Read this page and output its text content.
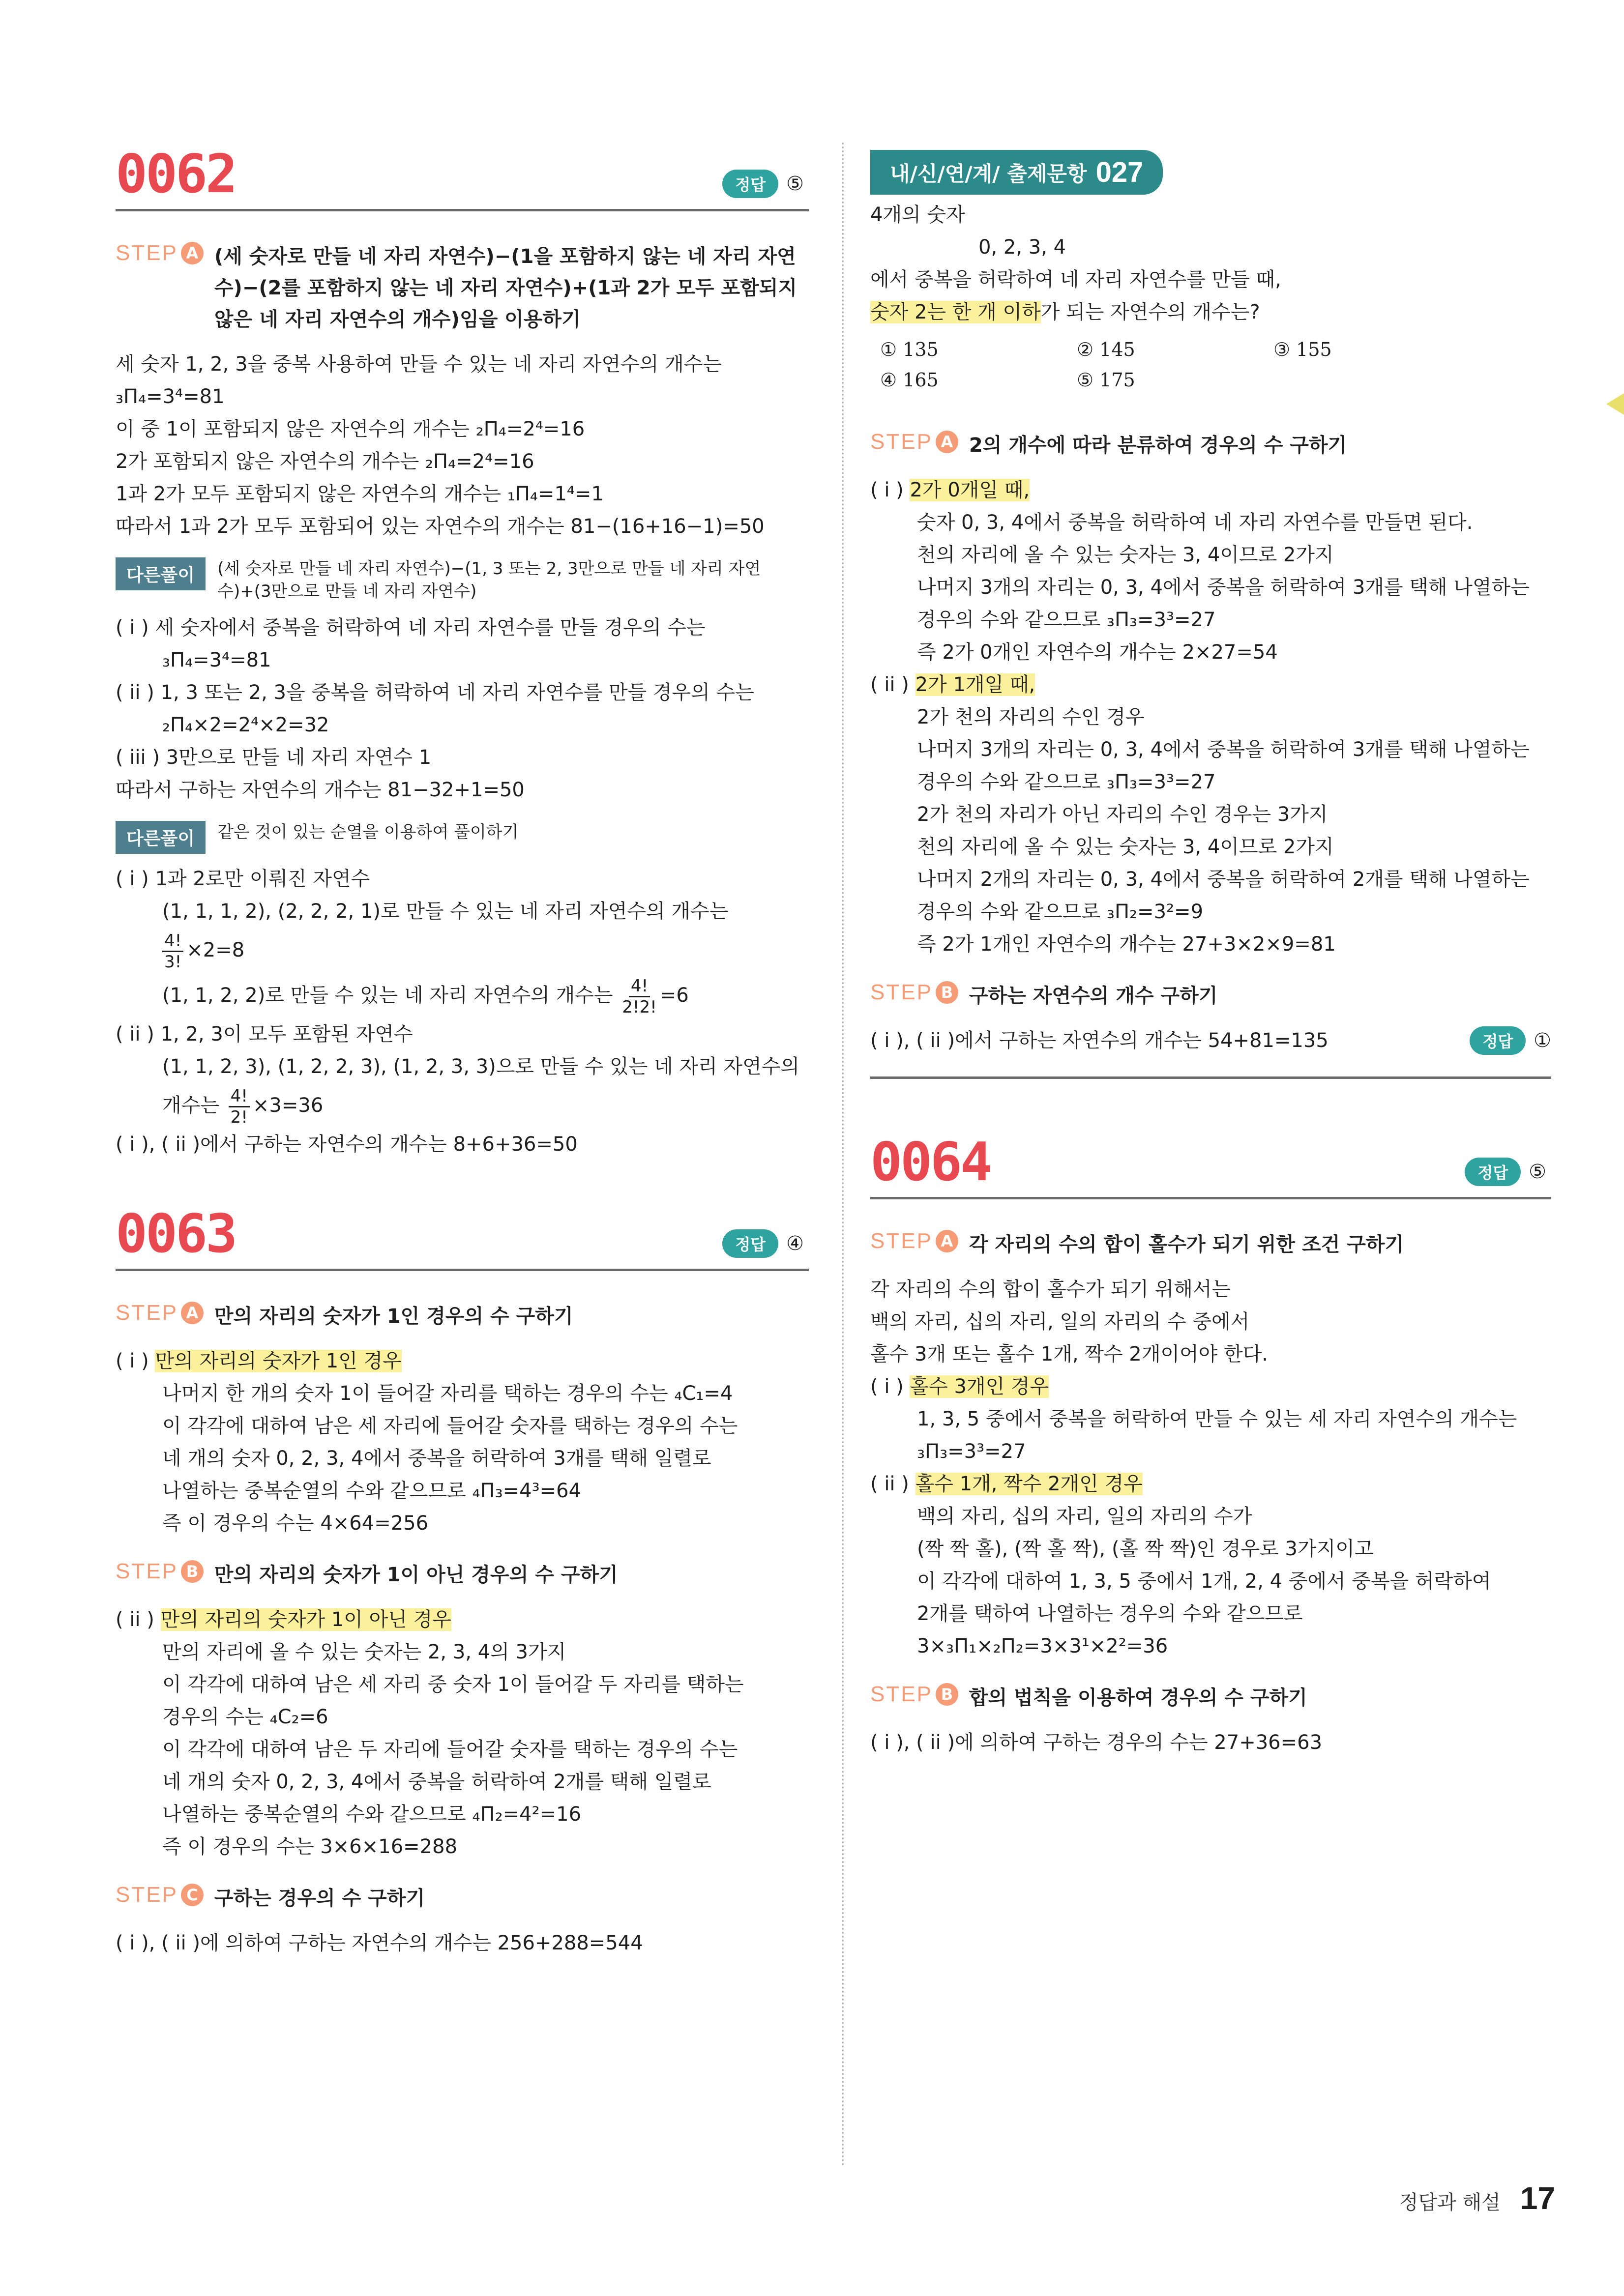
0062	정답	⑤
STEP A (세 숫자로 만들 네 자리 자연수)−(1을 포함하지 않는 네 자리 자연수)−(2를 포함하지 않는 네 자리 자연수)+(1과 2가 모두 포함되지 않은 네 자리 자연수의 개수)임을 이용하기
세 숫자 1, 2, 3을 중복 사용하여 만들 수 있는 네 자리 자연수의 개수는
₃Π₄=3⁴=81
이 중 1이 포함되지 않은 자연수의 개수는 ₂Π₄=2⁴=16
2가 포함되지 않은 자연수의 개수는 ₂Π₄=2⁴=16
1과 2가 모두 포함되지 않은 자연수의 개수는 ₁Π₄=1⁴=1
따라서 1과 2가 모두 포함되어 있는 자연수의 개수는 81−(16+16−1)=50
다른풀이	(세 숫자로 만들 네 자리 자연수)−(1, 3 또는 2, 3만으로 만들 네 자리 자연수)+(3만으로 만들 네 자리 자연수)
( i ) 세 숫자에서 중복을 허락하여 네 자리 자연수를 만들 경우의 수는
₃Π₄=3⁴=81
( ii ) 1, 3 또는 2, 3을 중복을 허락하여 네 자리 자연수를 만들 경우의 수는
₂Π₄×2=2⁴×2=32
( iii ) 3만으로 만들 네 자리 자연수 1
따라서 구하는 자연수의 개수는 81−32+1=50
다른풀이	같은 것이 있는 순열을 이용하여 풀이하기
( i ) 1과 2로만 이뤄진 자연수
(1, 1, 1, 2), (2, 2, 2, 1)로 만들 수 있는 네 자리 자연수의 개수는
$\frac{4!}{3!} \times 2=8$
(1, 1, 2, 2)로 만들 수 있는 네 자리 자연수의 개수는 $\frac{4!}{2!2!} =6$
( ii ) 1, 2, 3이 모두 포함된 자연수
(1, 1, 2, 3), (1, 2, 2, 3), (1, 2, 3, 3)으로 만들 수 있는 네 자리 자연수의
개수는 $\frac{4!}{2!} \times 3=36$
( i ), ( ii )에서 구하는 자연수의 개수는 8+6+36=50
0063	정답	④
STEP A 만의 자리의 숫자가 1인 경우의 수 구하기
( i ) 만의 자리의 숫자가 1인 경우
나머지 한 개의 숫자 1이 들어갈 자리를 택하는 경우의 수는 ₄C₁=4
이 각각에 대하여 남은 세 자리에 들어갈 숫자를 택하는 경우의 수는
네 개의 숫자 0, 2, 3, 4에서 중복을 허락하여 3개를 택해 일렬로
나열하는 중복순열의 수와 같으므로 ₄Π₃=4³=64
즉 이 경우의 수는 4×64=256
STEP B 만의 자리의 숫자가 1이 아닌 경우의 수 구하기
( ii ) 만의 자리의 숫자가 1이 아닌 경우
만의 자리에 올 수 있는 숫자는 2, 3, 4의 3가지
이 각각에 대하여 남은 세 자리 중 숫자 1이 들어갈 두 자리를 택하는
경우의 수는 ₄C₂=6
이 각각에 대하여 남은 두 자리에 들어갈 숫자를 택하는 경우의 수는
네 개의 숫자 0, 2, 3, 4에서 중복을 허락하여 2개를 택해 일렬로
나열하는 중복순열의 수와 같으므로 ₄Π₂=4²=16
즉 이 경우의 수는 3×6×16=288
STEP C 구하는 경우의 수 구하기
( i ), ( ii )에 의하여 구하는 자연수의 개수는 256+288=544
내/신/연/계/ 출제문항 027
4개의 숫자
0, 2, 3, 4
에서 중복을 허락하여 네 자리 자연수를 만들 때,
숫자 2는 한 개 이하가 되는 자연수의 개수는?
① 135	② 145	③ 155
④ 165	⑤ 175
STEP A 2의 개수에 따라 분류하여 경우의 수 구하기
( i ) 2가 0개일 때,
숫자 0, 3, 4에서 중복을 허락하여 네 자리 자연수를 만들면 된다.
천의 자리에 올 수 있는 숫자는 3, 4이므로 2가지
나머지 3개의 자리는 0, 3, 4에서 중복을 허락하여 3개를 택해 나열하는
경우의 수와 같으므로 ₃Π₃=3³=27
즉 2가 0개인 자연수의 개수는 2×27=54
( ii ) 2가 1개일 때,
2가 천의 자리의 수인 경우
나머지 3개의 자리는 0, 3, 4에서 중복을 허락하여 3개를 택해 나열하는
경우의 수와 같으므로 ₃Π₃=3³=27
2가 천의 자리가 아닌 자리의 수인 경우는 3가지
천의 자리에 올 수 있는 숫자는 3, 4이므로 2가지
나머지 2개의 자리는 0, 3, 4에서 중복을 허락하여 2개를 택해 나열하는
경우의 수와 같으므로 ₃Π₂=3²=9
즉 2가 1개인 자연수의 개수는 27+3×2×9=81
STEP B 구하는 자연수의 개수 구하기
( i ), ( ii )에서 구하는 자연수의 개수는 54+81=135	정답	①
0064	정답	⑤
STEP A 각 자리의 수의 합이 홀수가 되기 위한 조건 구하기
각 자리의 수의 합이 홀수가 되기 위해서는
백의 자리, 십의 자리, 일의 자리의 수 중에서
홀수 3개 또는 홀수 1개, 짝수 2개이어야 한다.
( i ) 홀수 3개인 경우
1, 3, 5 중에서 중복을 허락하여 만들 수 있는 세 자리 자연수의 개수는
₃Π₃=3³=27
( ii ) 홀수 1개, 짝수 2개인 경우
백의 자리, 십의 자리, 일의 자리의 수가
(짝 짝 홀), (짝 홀 짝), (홀 짝 짝)인 경우로 3가지이고
이 각각에 대하여 1, 3, 5 중에서 1개, 2, 4 중에서 중복을 허락하여
2개를 택하여 나열하는 경우의 수와 같으므로
3×₃Π₁×₂Π₂=3×3¹×2²=36
STEP B 합의 법칙을 이용하여 경우의 수 구하기
( i ), ( ii )에 의하여 구하는 경우의 수는 27+36=63
정답과 해설 17
